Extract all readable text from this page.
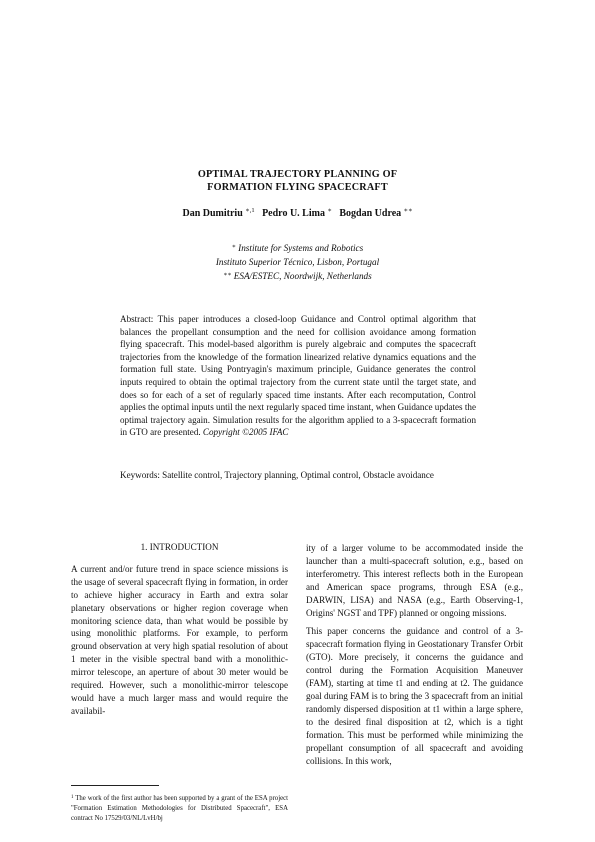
OPTIMAL TRAJECTORY PLANNING OF
FORMATION FLYING SPACECRAFT
Dan Dumitriu $^{∗,1}$ Pedro U. Lima ∗ Bogdan Udrea ∗∗
∗ Institute for Systems and Robotics
Instituto Superior Técnico, Lisbon, Portugal
∗∗ ESA/ESTEC, Noordwijk, Netherlands
Abstract: This paper introduces a closed-loop Guidance and Control optimal algorithm that balances the propellant consumption and the need for collision avoidance among formation flying spacecraft. This model-based algorithm is purely algebraic and computes the spacecraft trajectories from the knowledge of the formation linearized relative dynamics equations and the formation full state. Using Pontryagin's maximum principle, Guidance generates the control inputs required to obtain the optimal trajectory from the current state until the target state, and does so for each of a set of regularly spaced time instants. After each recomputation, Control applies the optimal inputs until the next regularly spaced time instant, when Guidance updates the optimal trajectory again. Simulation results for the algorithm applied to a 3-spacecraft formation in GTO are presented. Copyright ©2005 IFAC
Keywords: Satellite control, Trajectory planning, Optimal control, Obstacle avoidance
1. INTRODUCTION
A current and/or future trend in space science missions is the usage of several spacecraft flying in formation, in order to achieve higher accuracy in Earth and extra solar planetary observations or higher region coverage when monitoring science data, than what would be possible by using monolithic platforms. For example, to perform ground observation at very high spatial resolution of about 1 meter in the visible spectral band with a monolithic-mirror telescope, an aperture of about 30 meter would be required. However, such a monolithic-mirror telescope would have a much larger mass and would require the availabil-
ity of a larger volume to be accommodated inside the launcher than a multi-spacecraft solution, e.g., based on interferometry. This interest reflects both in the European and American space programs, through ESA (e.g., DARWIN, LISA) and NASA (e.g., Earth Observing-1, Origins' NGST and TPF) planned or ongoing missions.
This paper concerns the guidance and control of a 3-spacecraft formation flying in Geostationary Transfer Orbit (GTO). More precisely, it concerns the guidance and control during the Formation Acquisition Maneuver (FAM), starting at time t1 and ending at t2. The guidance goal during FAM is to bring the 3 spacecraft from an initial randomly dispersed disposition at t1 within a large sphere, to the desired final disposition at t2, which is a tight formation. This must be performed while minimizing the propellant consumption of all spacecraft and avoiding collisions. In this work,
$^1$ The work of the first author has been supported by a grant of the ESA project "Formation Estimation Methodologies for Distributed Spacecraft", ESA contract No 17529/03/NL/LvH/bj
